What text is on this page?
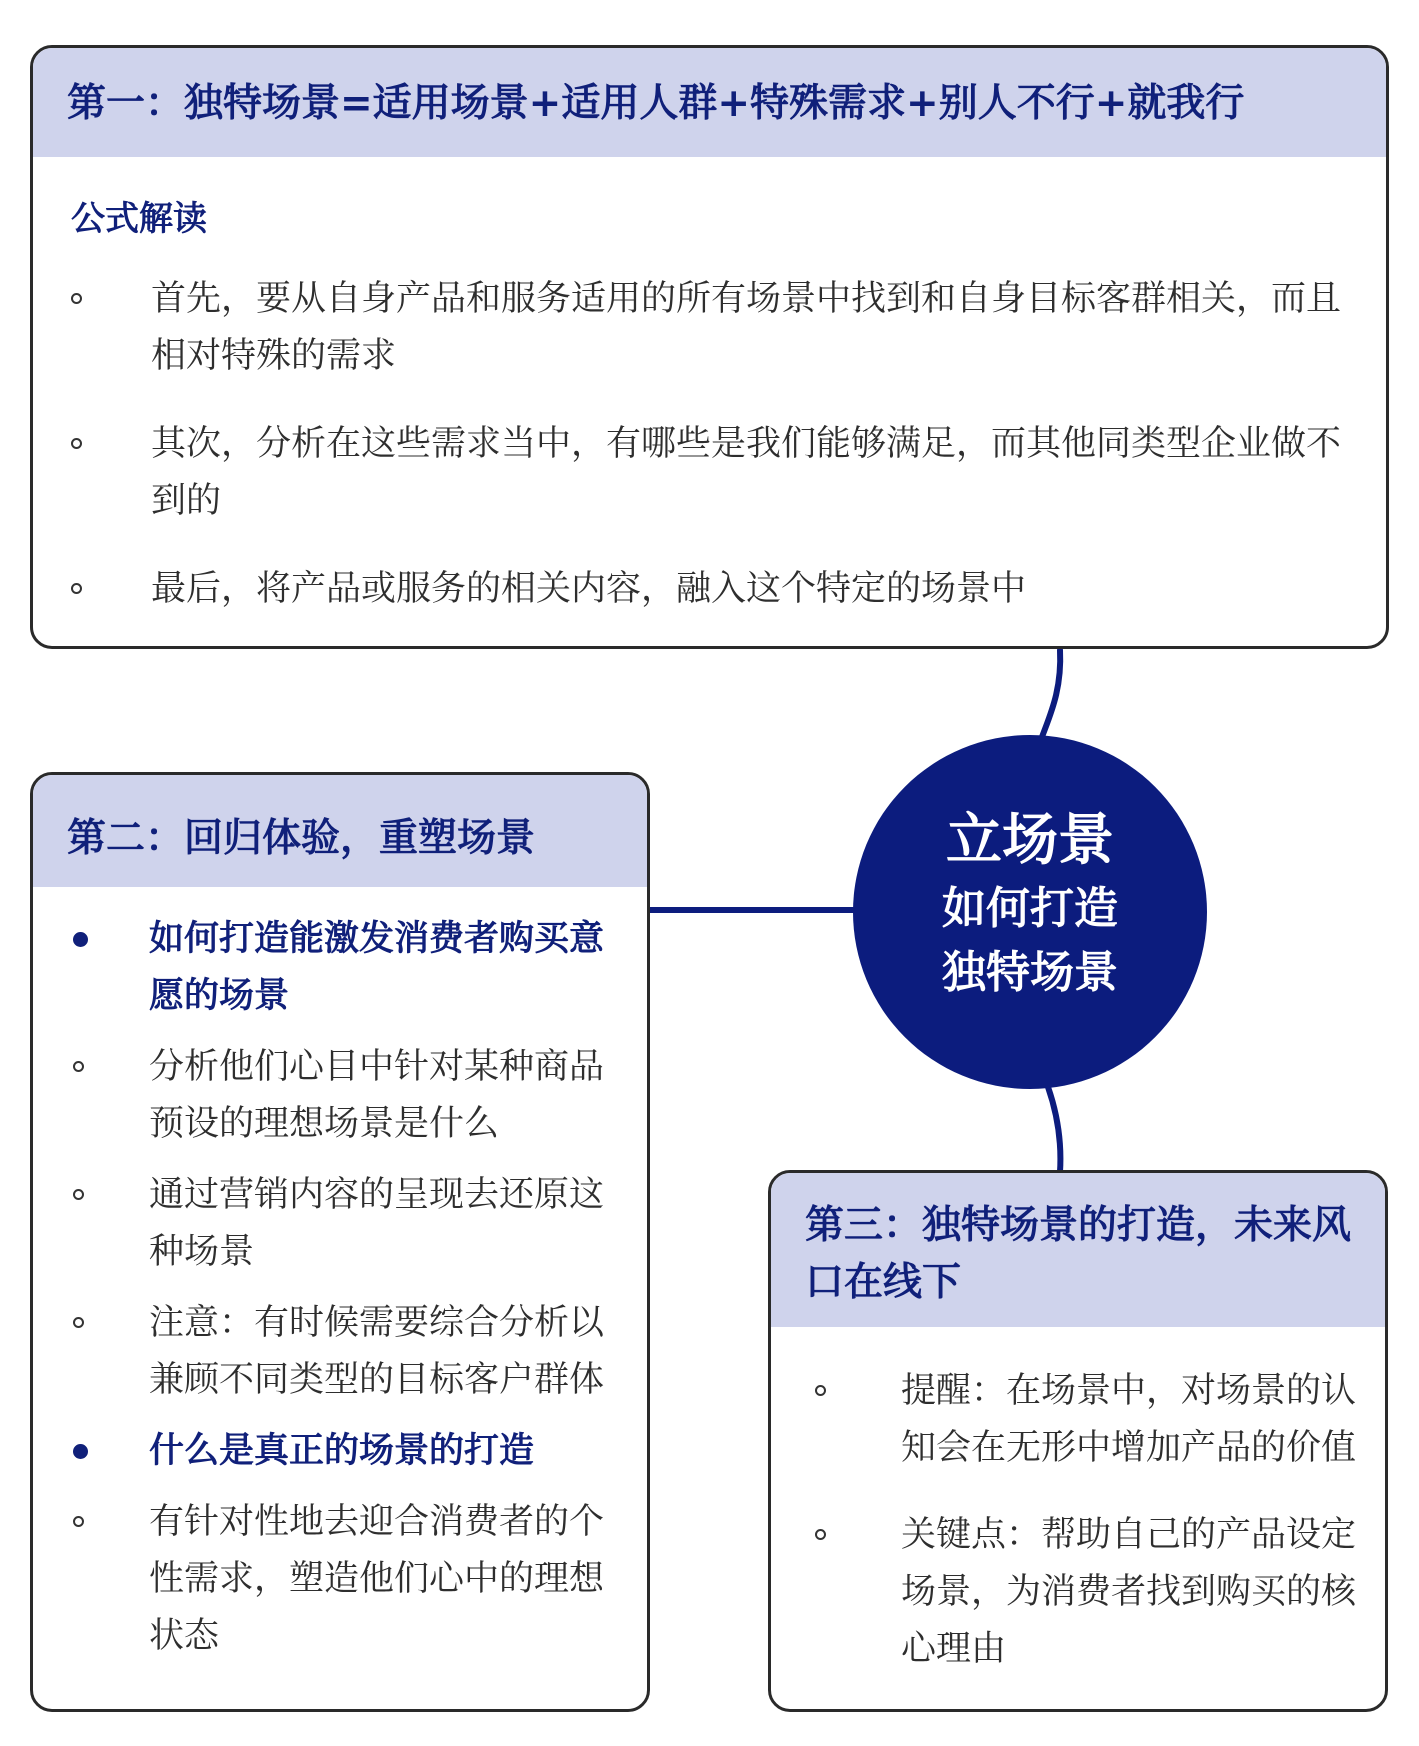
第一：独特场景=适用场景+适用人群+特殊需求+别人不行+就我行
公式解读
首先，要从自身产品和服务适用的所有场景中找到和自身目标客群相关，而且相对特殊的需求
其次，分析在这些需求当中，有哪些是我们能够满足，而其他同类型企业做不到的
最后，将产品或服务的相关内容，融入这个特定的场景中
第二：回归体验，重塑场景
如何打造能激发消费者购买意愿的场景
分析他们心目中针对某种商品预设的理想场景是什么
通过营销内容的呈现去还原这种场景
注意：有时候需要综合分析以兼顾不同类型的目标客户群体
什么是真正的场景的打造
有针对性地去迎合消费者的个性需求，塑造他们心中的理想状态
立场景
如何打造
独特场景
第三：独特场景的打造，未来风口在线下
提醒：在场景中，对场景的认知会在无形中增加产品的价值
关键点：帮助自己的产品设定场景，为消费者找到购买的核心理由
